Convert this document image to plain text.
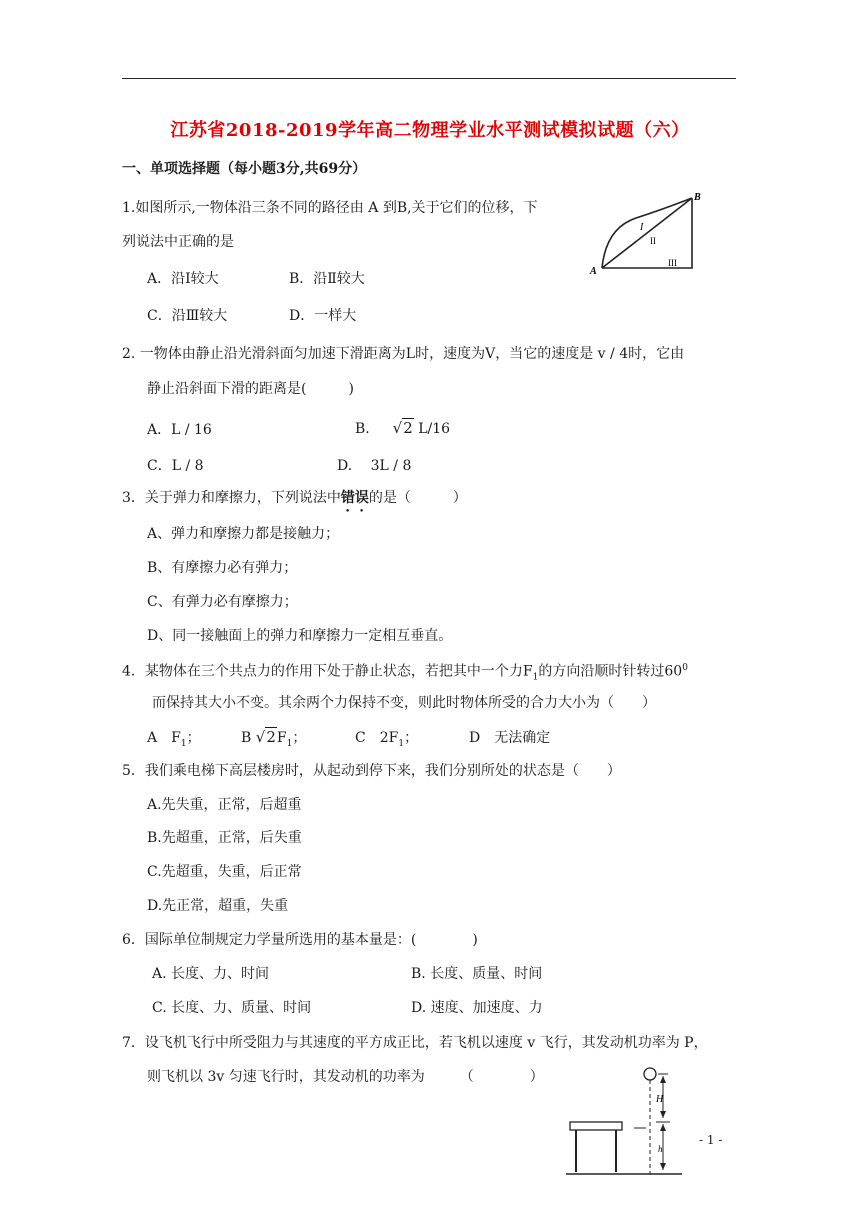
江苏省2018-2019学年高二物理学业水平测试模拟试题（六）
一、单项选择题（每小题3分,共69分）
1.如图所示,一物体沿三条不同的路径由 A 到B,关于它们的位移，下
列说法中正确的是
A．沿Ⅰ较大	B．沿Ⅱ较大
C．沿Ⅲ较大	D．一样大
A
B
I
II
III
2. 一物体由静止沿光滑斜面匀加速下滑距离为L时，速度为V，当它的速度是 v / 4时，它由
静止沿斜面下滑的距离是(　　　)
A．L / 16	B. √2 L/16
C．L / 8	D.　 3L / 8
3．关于弹力和摩擦力，下列说法中错误的是（　　　）
A、弹力和摩擦力都是接触力；
B、有摩擦力必有弹力；
C、有弹力必有摩擦力；
D、同一接触面上的弹力和摩擦力一定相互垂直。
4．某物体在三个共点力的作用下处于静止状态，若把其中一个力$F_1$的方向沿顺时针转过$60^0$
而保持其大小不变。其余两个力保持不变，则此时物体所受的合力大小为（　　）
A　$F_1$；	B $√2F_1$；	C　$2F_1$；	D　无法确定
5．我们乘电梯下高层楼房时，从起动到停下来，我们分别所处的状态是（　　）
A.先失重，正常，后超重
B.先超重，正常，后失重
C.先超重，失重，后正常
D.先正常，超重，失重
6．国际单位制规定力学量所选用的基本量是：(　　　　)
A. 长度、力、时间	B. 长度、质量、时间
C. 长度、力、质量、时间	D. 速度、加速度、力
7．设飞机飞行中所受阻力与其速度的平方成正比，若飞机以速度 v 飞行，其发动机功率为 P，
则飞机以 3v 匀速飞行时，其发动机的功率为　　　（　　　　）
H
h
- 1 -
